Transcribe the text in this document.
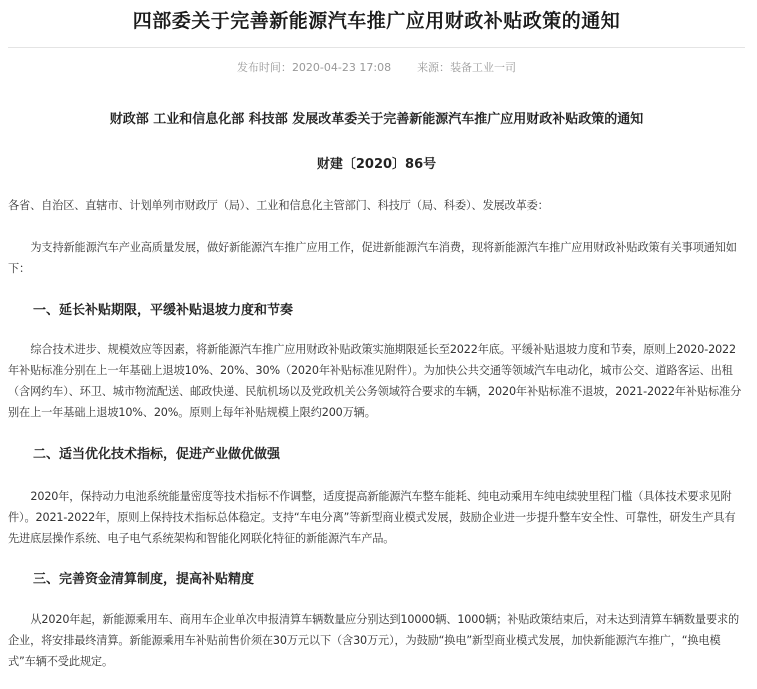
四部委关于完善新能源汽车推广应用财政补贴政策的通知
发布时间：2020-04-23 17:08 来源：装备工业一司

财政部 工业和信息化部 科技部 发展改革委关于完善新能源汽车推广应用财政补贴政策的通知

财建〔2020〕86号

各省、自治区、直辖市、计划单列市财政厅（局）、工业和信息化主管部门、科技厅（局、科委）、发展改革委：

为支持新能源汽车产业高质量发展，做好新能源汽车推广应用工作，促进新能源汽车消费，现将新能源汽车推广应用财政补贴政策有关事项通知如下：

一、延长补贴期限，平缓补贴退坡力度和节奏

综合技术进步、规模效应等因素，将新能源汽车推广应用财政补贴政策实施期限延长至2022年底。平缓补贴退坡力度和节奏，原则上2020-2022年补贴标准分别在上一年基础上退坡10%、20%、30%（2020年补贴标准见附件）。为加快公共交通等领域汽车电动化，城市公交、道路客运、出租（含网约车）、环卫、城市物流配送、邮政快递、民航机场以及党政机关公务领域符合要求的车辆，2020年补贴标准不退坡，2021-2022年补贴标准分别在上一年基础上退坡10%、20%。原则上每年补贴规模上限约200万辆。

二、适当优化技术指标，促进产业做优做强

2020年，保持动力电池系统能量密度等技术指标不作调整，适度提高新能源汽车整车能耗、纯电动乘用车纯电续驶里程门槛（具体技术要求见附件）。2021-2022年，原则上保持技术指标总体稳定。支持“车电分离”等新型商业模式发展，鼓励企业进一步提升整车安全性、可靠性，研发生产具有先进底层操作系统、电子电气系统架构和智能化网联化特征的新能源汽车产品。

三、完善资金清算制度，提高补贴精度

从2020年起，新能源乘用车、商用车企业单次申报清算车辆数量应分别达到10000辆、1000辆；补贴政策结束后，对未达到清算车辆数量要求的企业，将安排最终清算。新能源乘用车补贴前售价须在30万元以下（含30万元），为鼓励“换电”新型商业模式发展，加快新能源汽车推广，“换电模式”车辆不受此规定。
